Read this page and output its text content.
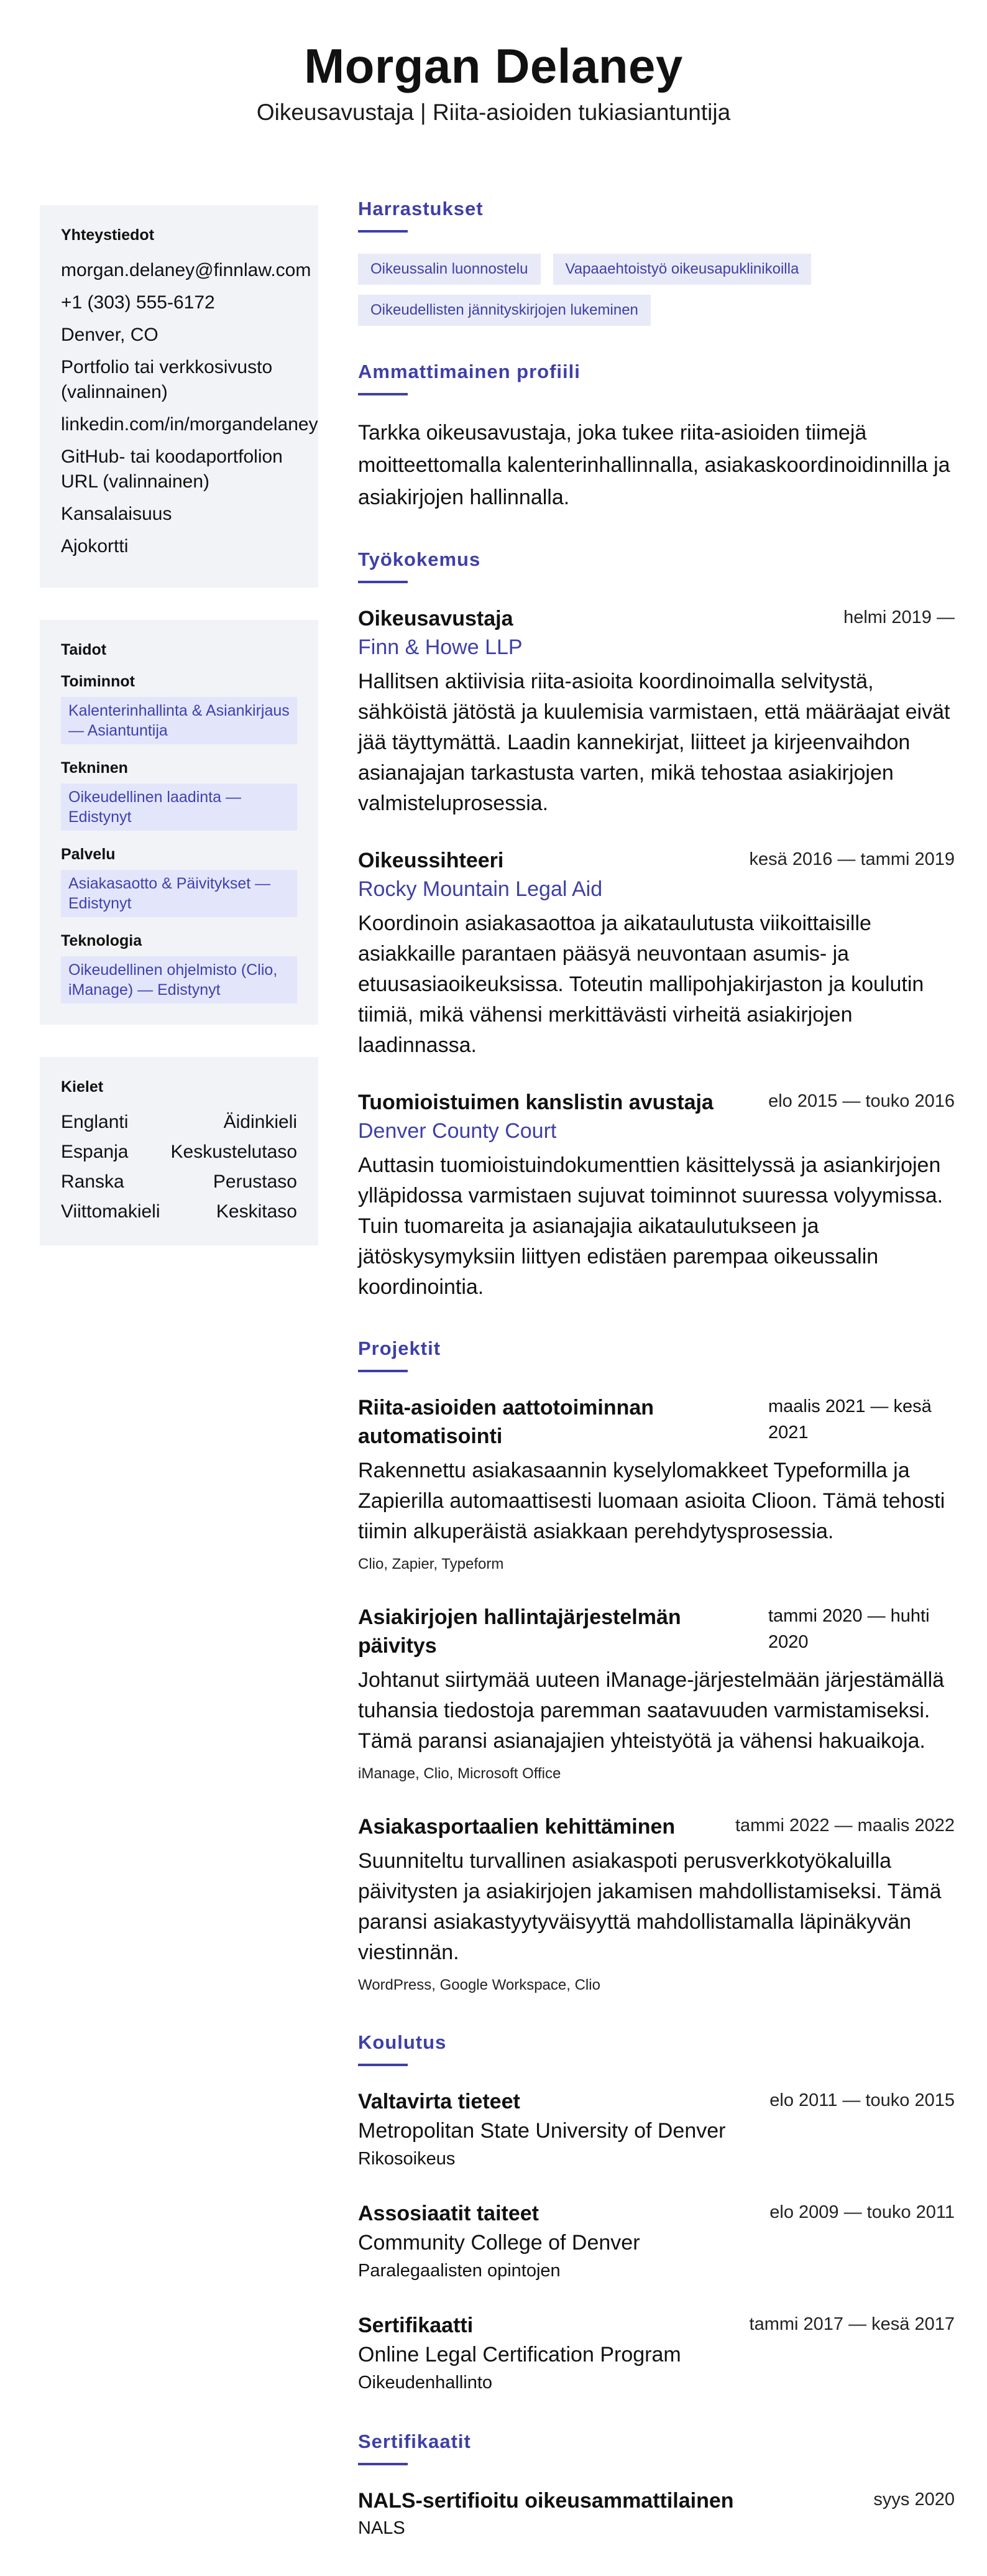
Morgan Delaney
Oikeusavustaja | Riita-asioiden tukiasiantuntija
Yhteystiedot
morgan.delaney@finnlaw.com
+1 (303) 555-6172
Denver, CO
Portfolio tai verkkosivusto (valinnainen)
linkedin.com/in/morgandelaney
GitHub- tai koodaportfolion URL (valinnainen)
Kansalaisuus
Ajokortti
Taidot
Toiminnot
Kalenterinhallinta & Asiankirjaus — Asiantuntija
Tekninen
Oikeudellinen laadinta — Edistynyt
Palvelu
Asiakasaotto & Päivitykset — Edistynyt
Teknologia
Oikeudellinen ohjelmisto (Clio, iManage) — Edistynyt
Kielet
Englanti	Äidinkieli
Espanja Keskustelutaso
Ranska	Perustaso
Viittomakieli	Keskitaso
Harrastukset
Oikeussalin luonnostelu	Vapaaehtoistyö oikeusapuklinikoilla
Oikeudellisten jännityskirjojen lukeminen
Ammattimainen profiili

Tarkka oikeusavustaja, joka tukee riita-asioiden tiimejä moitteettomalla kalenterinhallinnalla, asiakaskoordinoidinnilla ja asiakirjojen hallinnalla.

Työkokemus
Oikeusavustaja	helmi 2019 —
Finn & Howe LLP

Hallitsen aktiivisia riita-asioita koordinoimalla selvitystä, sähköistä jätöstä ja kuulemisia varmistaen, että määräajat eivät jää täyttymättä. Laadin kannekirjat, liitteet ja kirjeenvaihdon asianajajan tarkastusta varten, mikä tehostaa asiakirjojen valmisteluprosessia.

Oikeussihteeri	kesä 2016 — tammi 2019
Rocky Mountain Legal Aid

Koordinoin asiakasaottoa ja aikataulutusta viikoittaisille asiakkaille parantaen pääsyä neuvontaan asumis- ja etuusasiaoikeuksissa. Toteutin mallipohjakirjaston ja koulutin tiimiä, mikä vähensi merkittävästi virheitä asiakirjojen laadinnassa.

Tuomioistuimen kanslistin avustaja	elo 2015 — touko 2016
Denver County Court

Auttasin tuomioistuindokumenttien käsittelyssä ja asiankirjojen ylläpidossa varmistaen sujuvat toiminnot suuressa volyymissa. Tuin tuomareita ja asianajajia aikataulutukseen ja jätöskysymyksiin liittyen edistäen parempaa oikeussalin koordinointia.

Projektit
Riita-asioiden aattotoiminnan automatisointi
maalis 2021 — kesä 2021

Rakennettu asiakasaannin kyselylomakkeet Typeformilla ja Zapierilla automaattisesti luomaan asioita Clioon. Tämä tehosti tiimin alkuperäistä asiakkaan perehdytysprosessia.

Clio, Zapier, Typeform
Asiakirjojen hallintajärjestelmän päivitys
tammi 2020 — huhti 2020

Johtanut siirtymää uuteen iManage-järjestelmään järjestämällä tuhansia tiedostoja paremman saatavuuden varmistamiseksi. Tämä paransi asianajajien yhteistyötä ja vähensi hakuaikoja.

iManage, Clio, Microsoft Office
Asiakasportaalien kehittäminen	tammi 2022 — maalis 2022

Suunniteltu turvallinen asiakaspoti perusverkkotyökaluilla päivitysten ja asiakirjojen jakamisen mahdollistamiseksi. Tämä paransi asiakastyytyväisyyttä mahdollistamalla läpinäkyvän viestinnän.

WordPress, Google Workspace, Clio
Koulutus
Valtavirta tieteet	elo 2011 — touko 2015
Metropolitan State University of Denver
Rikosoikeus
Assosiaatit taiteet	elo 2009 — touko 2011
Community College of Denver
Paralegaalisten opintojen
Sertifikaatti	tammi 2017 — kesä 2017
Online Legal Certification Program
Oikeudenhallinto
Sertifikaatit
NALS-sertifioitu oikeusammattilainen	syys 2020
NALS
